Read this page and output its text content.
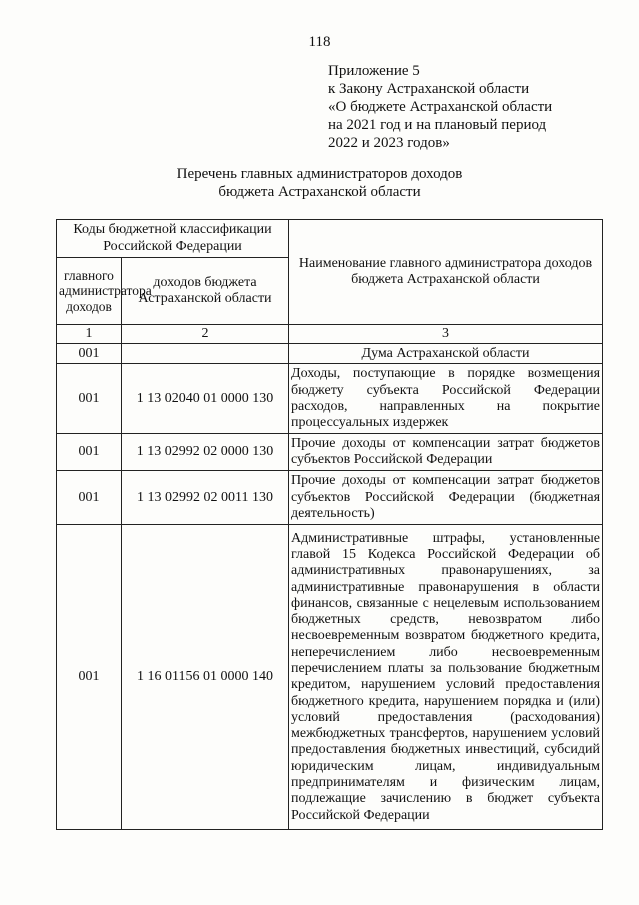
118
Приложение 5
к Закону Астраханской области
«О бюджете Астраханской области
на 2021 год и на плановый период
2022 и 2023 годов»
Перечень главных администраторов доходов
бюджета Астраханской области
Коды бюджетной классификации Российской Федерации		Наименование главного администратора доходов бюджета Астраханской области
главного администратора доходов	доходов бюджета Астраханской области	
1	2	3
001		Дума Астраханской области
001	1 13 02040 01 0000 130	Доходы, поступающие в порядке возмещения бюджету субъекта Российской Федерации расходов, направленных на покрытие процессуальных издержек
001	1 13 02992 02 0000 130	Прочие доходы от компенсации затрат бюджетов субъектов Российской Федерации
001	1 13 02992 02 0011 130	Прочие доходы от компенсации затрат бюджетов субъектов Российской Федерации (бюджетная деятельность)
001	1 16 01156 01 0000 140	Административные штрафы, установленные главой 15 Кодекса Российской Федерации об административных правонарушениях, за административные правонарушения в области финансов, связанные с нецелевым использованием бюджетных средств, невозвратом либо несвоевременным возвратом бюджетного кредита, неперечислением либо несвоевременным перечислением платы за пользование бюджетным кредитом, нарушением условий предоставления бюджетного кредита, нарушением порядка и (или) условий предоставления (расходования) межбюджетных трансфертов, нарушением условий предоставления бюджетных инвестиций, субсидий юридическим лицам, индивидуальным предпринимателям и физическим лицам, подлежащие зачислению в бюджет субъекта Российской Федерации
